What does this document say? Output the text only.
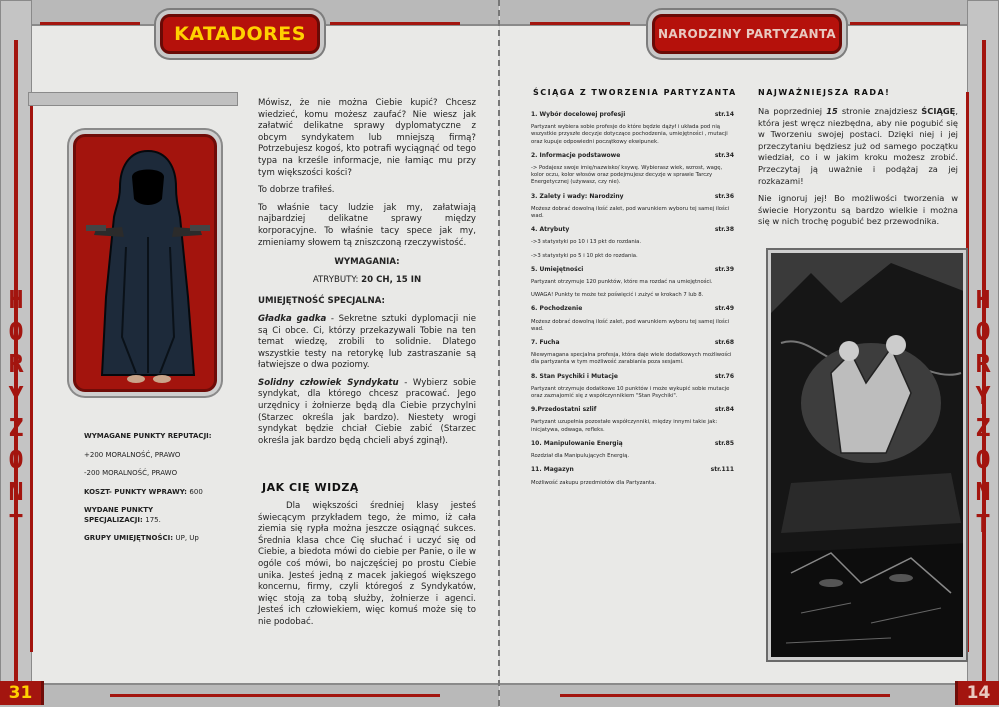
KATADORES
H
O
R
Y
Z
O
N
T

WYMAGANE PUNKTY REPUTACJI:

+200 MORALNOŚĆ, PRAWO

-200 MORALNOŚĆ, PRAWO

KOSZT- PUNKTY WPRAWY: 600

WYDANE PUNKTY SPECJALIZACJI: 175.

GRUPY UMIEJĘTNOŚCI: UP, Up

Mówisz, że nie można Ciebie kupić? Chcesz wiedzieć, komu możesz zaufać? Nie wiesz jak załatwić delikatne sprawy dyplomatyczne z obcym syndykatem lub mniejszą firmą? Potrzebujesz kogoś, kto potrafi wyciągnąć od tego typa na krześle informacje, nie łamiąc mu przy tym większości kości?

To dobrze trafiłeś.

To właśnie tacy ludzie jak my, załatwiają najbardziej delikatne sprawy między korporacyjne. To właśnie tacy spece jak my, zmieniamy słowem tą zniszczoną rzeczywistość.

WYMAGANIA:

ATRYBUTY: 20 CH, 15 IN

UMIEJĘTNOŚĆ SPECJALNA:

Gładka gadka - Sekretne sztuki dyplomacji nie są Ci obce. Ci, którzy przekazywali Tobie na ten temat wiedzę, zrobili to solidnie. Dlatego wszystkie testy na retorykę lub zastraszanie są łatwiejsze o dwa poziomy.

Solidny człowiek Syndykatu - Wybierz sobie syndykat, dla którego chcesz pracować. Jego urzędnicy i żołnierze będą dla Ciebie przychylni (Starzec określa jak bardzo). Niestety wrogi syndykat będzie chciał Ciebie zabić (Starzec określa jak bardzo będą chcieli abyś zginął).

JAK CIĘ WIDZĄ

Dla większości średniej klasy jesteś świecącym przykładem tego, że mimo, iż cała ziemia się rypła można jeszcze osiągnąć sukces. Średnia klasa chce Cię słuchać i uczyć się od Ciebie, a biedota mówi do ciebie per Panie, o ile w ogóle coś mówi, bo najczęściej po prostu Ciebie unika. Jesteś jedną z macek jakiegoś większego koncernu, firmy, czyli któregoś z Syndykatów, więc stoją za tobą służby, żołnierze i agenci. Jesteś ich człowiekiem, więc komuś może się to nie podobać.

31
NARODZINY PARTYZANTA
H
O
R
Y
Z
O
N
T
ŚCIĄGA Z TWORZENIA PARTYZANTA	NAJWAŻNIEJSZA RADA!

Na poprzedniej 15 stronie znajdziesz ŚCIĄGĘ, która jest wręcz niezbędna, aby nie pogubić się w Tworzeniu swojej postaci. Dzięki niej i jej przeczytaniu będziesz już od samego początku wiedział, co i w jakim kroku możesz zrobić. Przeczytaj ją uważnie i podążaj za jej rozkazami!

Nie ignoruj jej! Bo możliwości tworzenia w świecie Horyzontu są bardzo wielkie i można się w nich trochę pogubić bez przewodnika.

1. Wybór docelowej profesji	str.14
Partyzant wybiera sobie profesje do które będzie dążył i układa pod nią wszystkie przyszłe decyzje dotyczące pochodzenia, umiejętności , mutacji oraz kupuje odpowiedni początkowy ekwipunek.
2. Informacje podstawowe	str.34
-> Podajesz swoje imię/nazwisko/ ksywę. Wybierasz wiek, wzrost, wagę, kolor oczu, kolor włosów oraz podejmujesz decyzje w sprawie Tarczy Energetycznej (używasz, czy nie).
3. Zalety i wady: Narodziny	str.36
Możesz dobrać dowolną ilość zalet, pod warunkiem wyboru tej samej ilości wad.
4. Atrybuty	str.38
->3 statystyki po 10 i 13 pkt do rozdania.
->3 statystyki po 5 i 10 pkt do rozdania.
5. Umiejętności	str.39
Partyzant otrzymuje 120 punktów, które ma rozdać na umiejętności.
UWAGA! Punkty te może też poświęcić i zużyć w krokach 7 lub 8.
6. Pochodzenie	str.49
Możesz dobrać dowolną ilość zalet, pod warunkiem wyboru tej samej ilości wad.
7. Fucha	str.68
Niewymagana specjalna profesja, która daje wiele dodatkowych możliwości dla partyzanta w tym możliwość zarabiania poza sesjami.
8. Stan Psychiki i Mutacje	str.76
Partyzant otrzymuje dodatkowe 10 punktów i może wykupić sobie mutacje oraz zaznajomić się z współczynnikiem "Stan Psychiki".
9.Przedostatni szlif	str.84
Partyzant uzupełnia pozostałe współczynniki, między innymi takie jak: inicjatywa, odwaga, refleks.
10. Manipulowanie Energią	str.85
Rozdział dla Manipulujących Energią.
11. Magazyn	str.111
Możliwość zakupu przedmiotów dla Partyzanta.
14
